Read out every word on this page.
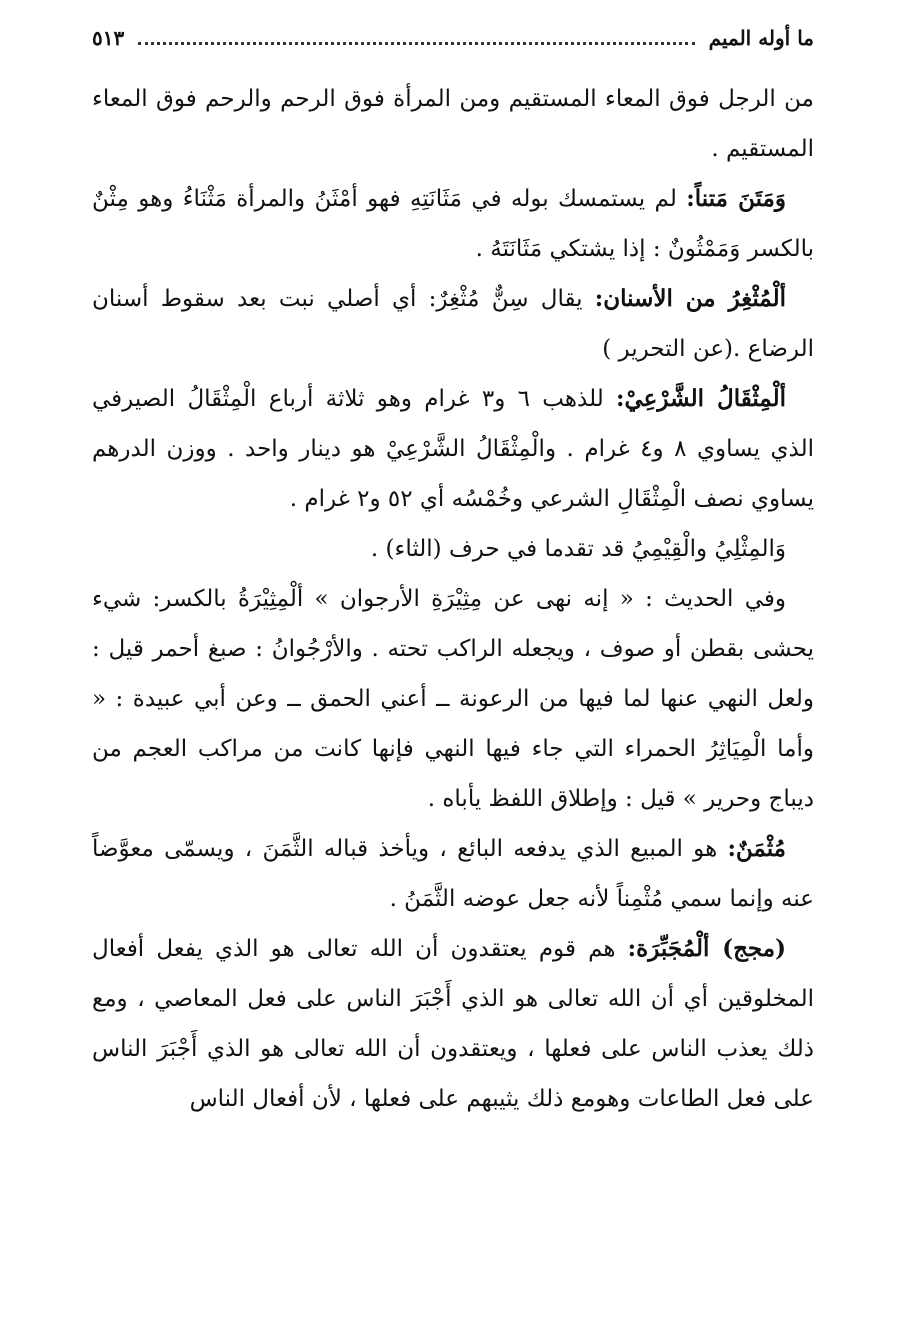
ما أوله الميم
٥١٣

من الرجل فوق المعاء المستقيم ومن المرأة فوق الرحم والرحم فوق المعاء المستقيم .

وَمَتَنَ مَتناً: لم يستمسك بوله في مَثَانَتِهِ فهو أمْثَنُ والمرأة مَثْنَاءُ وهو مِثْنٌ بالكسر وَمَمْثُونٌ : إذا يشتكي مَثَانَتَهُ .

ألْمُثْغِرُ من الأسنان: يقال سِنٌّ مُثْغِرٌ: أي أصلي نبت بعد سقوط أسنان الرضاع .(عن التحرير )

ألْمِثْقَالُ الشَّرْعِيْ: للذهب ٦ و٣ غرام وهو ثلاثة أرباع الْمِثْقَالُ الصيرفي الذي يساوي ٨ و٤ غرام . والْمِثْقَالُ الشَّرْعِيْ هو دينار واحد . ووزن الدرهم يساوي نصف الْمِثْقَالِ الشرعي وخُمْسُه أي ٥٢ و٢ غرام .

وَالمِثْلِيُ والْقِيْمِيُ قد تقدما في حرف (الثاء) .

وفي الحديث : « إنه نهى عن مِثِيْرَةِ الأرجوان » ألْمِثِيْرَةُ بالكسر: شيء يحشى بقطن أو صوف ، ويجعله الراكب تحته . والأرْجُوانُ : صبغ أحمر قيل : ولعل النهي عنها لما فيها من الرعونة ــ أعني الحمق ــ وعن أبي عبيدة : « وأما الْمِيَاثِرُ الحمراء التي جاء فيها النهي فإنها كانت من مراكب العجم من ديباج وحرير » قيل : وإطلاق اللفظ يأباه .

مُثْمَنٌ: هو المبيع الذي يدفعه البائع ، ويأخذ قباله الثَّمَنَ ، ويسمّى معوَّضاً عنه وإنما سمي مُثْمِناً لأنه جعل عوضه الثَّمَنُ .

(مجج) ألْمُجَبِّرَة: هم قوم يعتقدون أن الله تعالى هو الذي يفعل أفعال المخلوقين أي أن الله تعالى هو الذي أَجْبَرَ الناس على فعل المعاصي ، ومع ذلك يعذب الناس على فعلها ، ويعتقدون أن الله تعالى هو الذي أَجْبَرَ الناس على فعل الطاعات وهومع ذلك يثيبهم على فعلها ، لأن أفعال الناس
